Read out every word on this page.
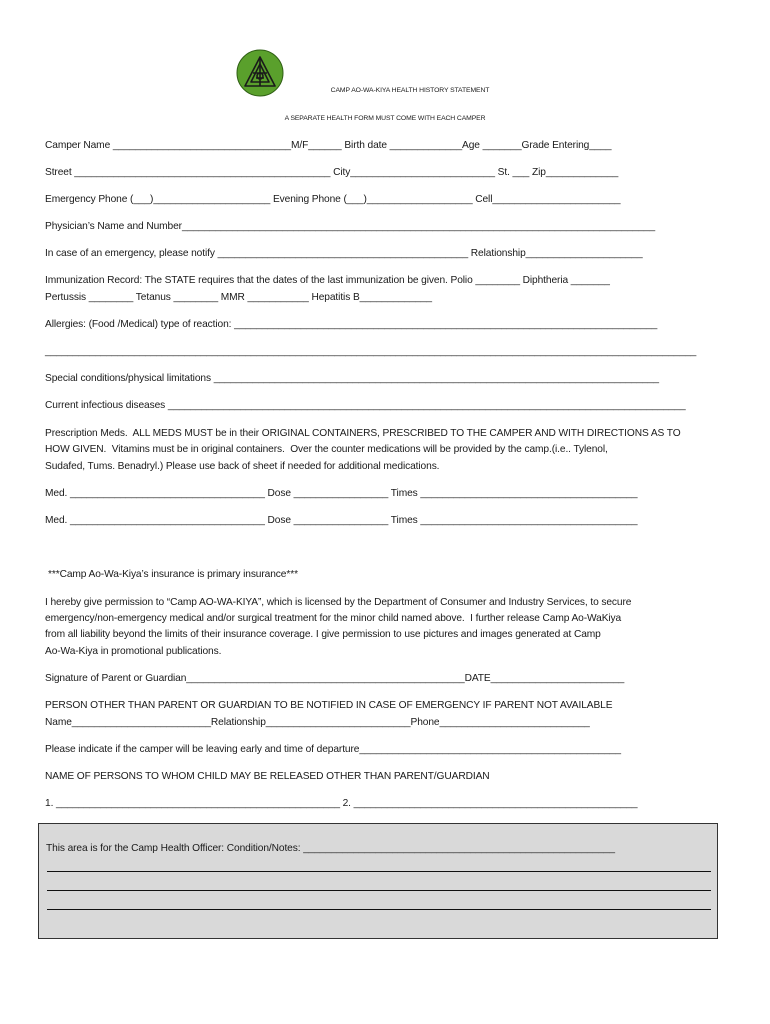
CAMP AO-WA-KIYA HEALTH HISTORY STATEMENT
A SEPARATE HEALTH FORM MUST COME WITH EACH CAMPER
Camper Name ________________________________M/F______ Birth date _____________Age _______Grade Entering____
Street ______________________________________________ City__________________________ St. ___ Zip_____________
Emergency Phone (___)_____________________ Evening Phone (___)___________________ Cell_______________________
Physician’s Name and Number_____________________________________________________________________________________
In case of an emergency, please notify _____________________________________________ Relationship_____________________
Immunization Record: The STATE requires that the dates of the last immunization be given. Polio ________ Diphtheria _______
Pertussis ________ Tetanus ________ MMR ___________ Hepatitis B_____________
Allergies: (Food /Medical) type of reaction: ____________________________________________________________________________
_____________________________________________________________________________________________________________________
Special conditions/physical limitations ________________________________________________________________________________
Current infectious diseases _____________________________________________________________________________________________
Prescription Meds.  ALL MEDS MUST be in their ORIGINAL CONTAINERS, PRESCRIBED TO THE CAMPER AND WITH DIRECTIONS AS TO
HOW GIVEN.  Vitamins must be in original containers.  Over the counter medications will be provided by the camp.(i.e.. Tylenol,
Sudafed, Tums. Benadryl.) Please use back of sheet if needed for additional medications.
Med. ___________________________________ Dose _________________ Times _______________________________________
Med. ___________________________________ Dose _________________ Times _______________________________________
***Camp Ao-Wa-Kiya’s insurance is primary insurance***
I hereby give permission to “Camp AO-WA-KIYA”, which is licensed by the Department of Consumer and Industry Services, to secure
emergency/non-emergency medical and/or surgical treatment for the minor child named above.  I further release Camp Ao-WaKiya
from all liability beyond the limits of their insurance coverage. I give permission to use pictures and images generated at Camp
Ao-Wa-Kiya in promotional publications.
Signature of Parent or Guardian__________________________________________________DATE________________________
PERSON OTHER THAN PARENT OR GUARDIAN TO BE NOTIFIED IN CASE OF EMERGENCY IF PARENT NOT AVAILABLE
Name_________________________Relationship__________________________Phone___________________________
Please indicate if the camper will be leaving early and time of departure_______________________________________________
NAME OF PERSONS TO WHOM CHILD MAY BE RELEASED OTHER THAN PARENT/GUARDIAN
1. ___________________________________________________ 2. ___________________________________________________
This area is for the Camp Health Officer: Condition/Notes: ________________________________________________________
